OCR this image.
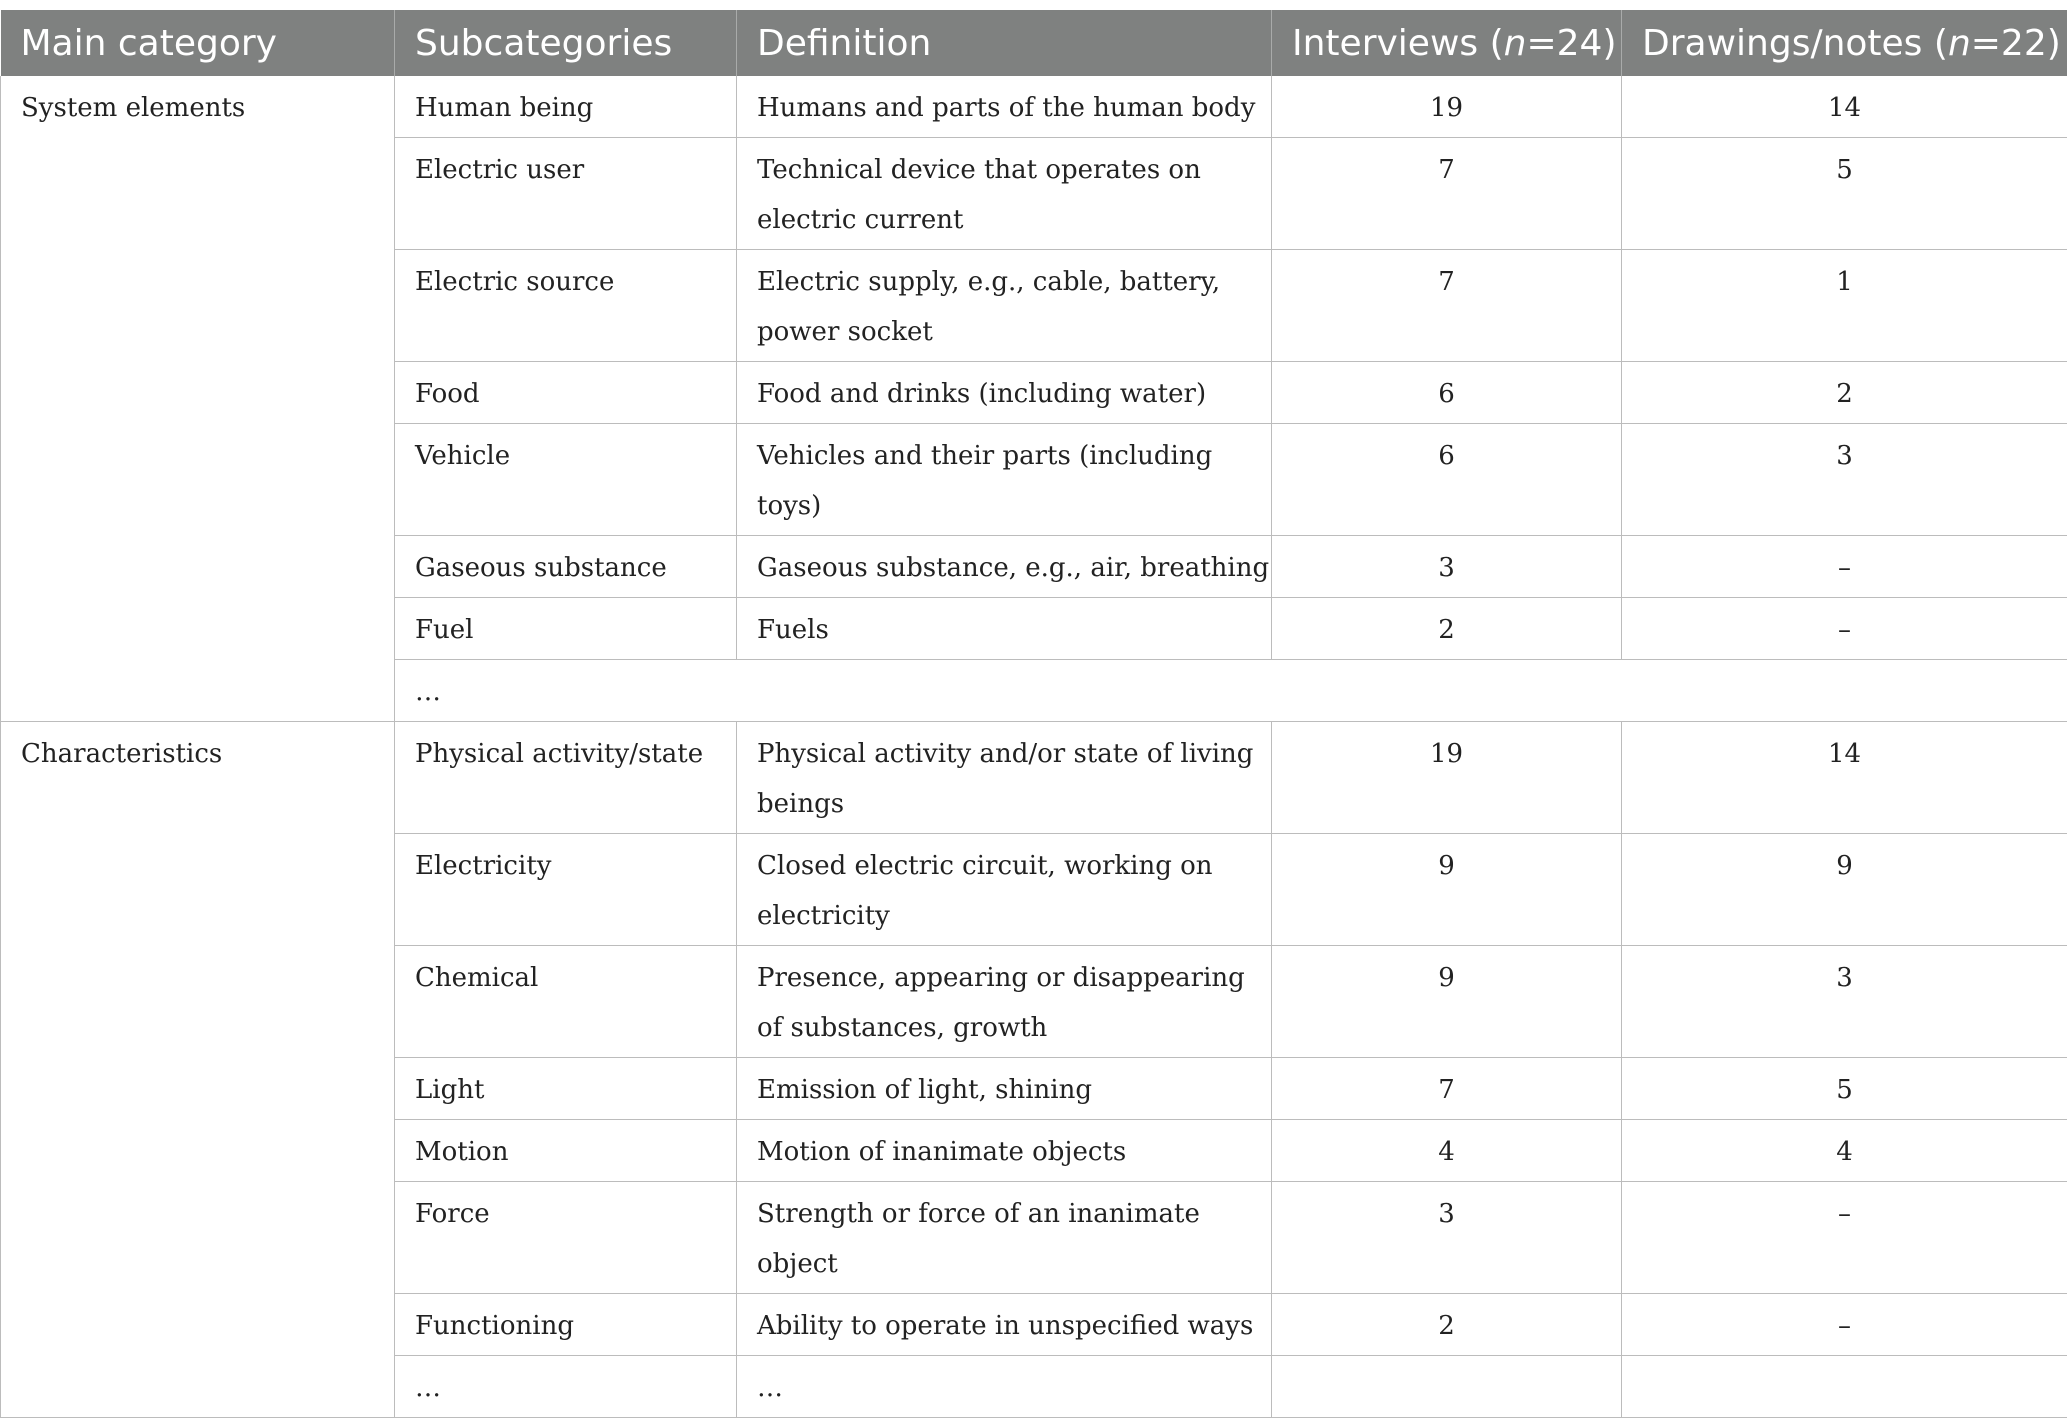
Main category	Subcategories	Definition	Interviews (n=24)	Drawings/notes (n=22)
System elements	Human being	Humans and parts of the human body	19	14
	Electric user	Technical device that operates on electric current	7	5
	Electric source	Electric supply, e.g., cable, battery, power socket	7	1
	Food	Food and drinks (including water)	6	2
	Vehicle	Vehicles and their parts (including toys)	6	3
	Gaseous substance	Gaseous substance, e.g., air, breathing	3	–
	Fuel	Fuels	2	–
	…			
Characteristics	Physical activity/state	Physical activity and/or state of living beings	19	14
	Electricity	Closed electric circuit, working on electricity	9	9
	Chemical	Presence, appearing or disappearing of substances, growth	9	3
	Light	Emission of light, shining	7	5
	Motion	Motion of inanimate objects	4	4
	Force	Strength or force of an inanimate object	3	–
	Functioning	Ability to operate in unspecified ways	2	–
	…	…		
